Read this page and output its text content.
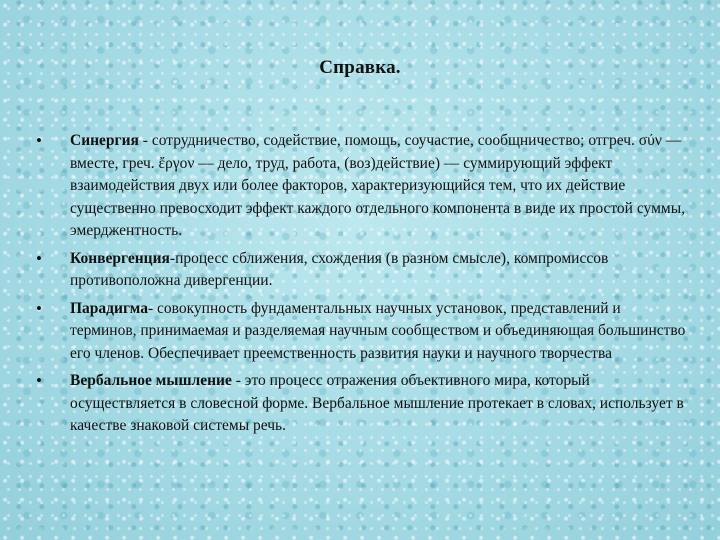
Справка.
• Синергия - сотрудничество, содействие, помощь, соучастие, сообщничество; отгреч. σύν — вместе, греч. ἔργον — дело, труд, работа, (воз)действие) — суммирующий эффект взаимодействия двух или более факторов, характеризующийся тем, что их действие существенно превосходит эффект каждого отдельного компонента в виде их простой суммы, эмерджентность.
• Конвергенция-процесс сближения, схождения (в разном смысле), компромиссов противоположна дивергенции.
• Парадигма- совокупность фундаментальных научных установок, представлений и терминов, принимаемая и разделяемая научным сообществом и объединяющая большинство его членов. Обеспечивает преемственность развития науки и научного творчества
• Вербальное мышление - это процесс отражения объективного мира, который осуществляется в словесной форме. Вербальное мышление протекает в словах, использует в качестве знаковой системы речь.
